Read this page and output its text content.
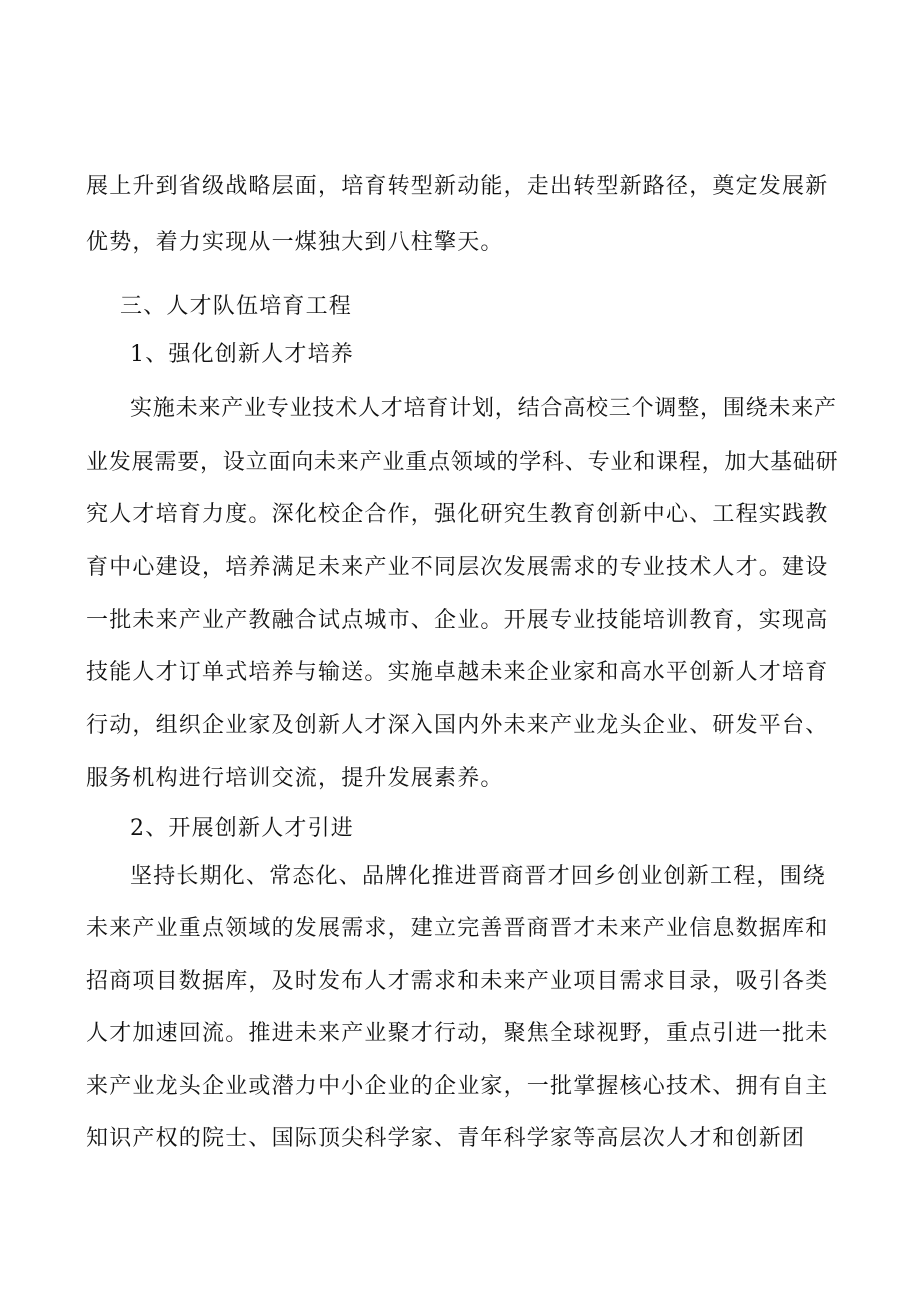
展上升到省级战略层面，培育转型新动能，走出转型新路径，奠定发展新
优势，着力实现从一煤独大到八柱擎天。
三、人才队伍培育工程
1、强化创新人才培养
实施未来产业专业技术人才培育计划，结合高校三个调整，围绕未来产
业发展需要，设立面向未来产业重点领域的学科、专业和课程，加大基础研
究人才培育力度。深化校企合作，强化研究生教育创新中心、工程实践教
育中心建设，培养满足未来产业不同层次发展需求的专业技术人才。建设
一批未来产业产教融合试点城市、企业。开展专业技能培训教育，实现高
技能人才订单式培养与输送。实施卓越未来企业家和高水平创新人才培育
行动，组织企业家及创新人才深入国内外未来产业龙头企业、研发平台、
服务机构进行培训交流，提升发展素养。
2、开展创新人才引进
坚持长期化、常态化、品牌化推进晋商晋才回乡创业创新工程，围绕
未来产业重点领域的发展需求，建立完善晋商晋才未来产业信息数据库和
招商项目数据库，及时发布人才需求和未来产业项目需求目录，吸引各类
人才加速回流。推进未来产业聚才行动，聚焦全球视野，重点引进一批未
来产业龙头企业或潜力中小企业的企业家，一批掌握核心技术、拥有自主
知识产权的院士、国际顶尖科学家、青年科学家等高层次人才和创新团
